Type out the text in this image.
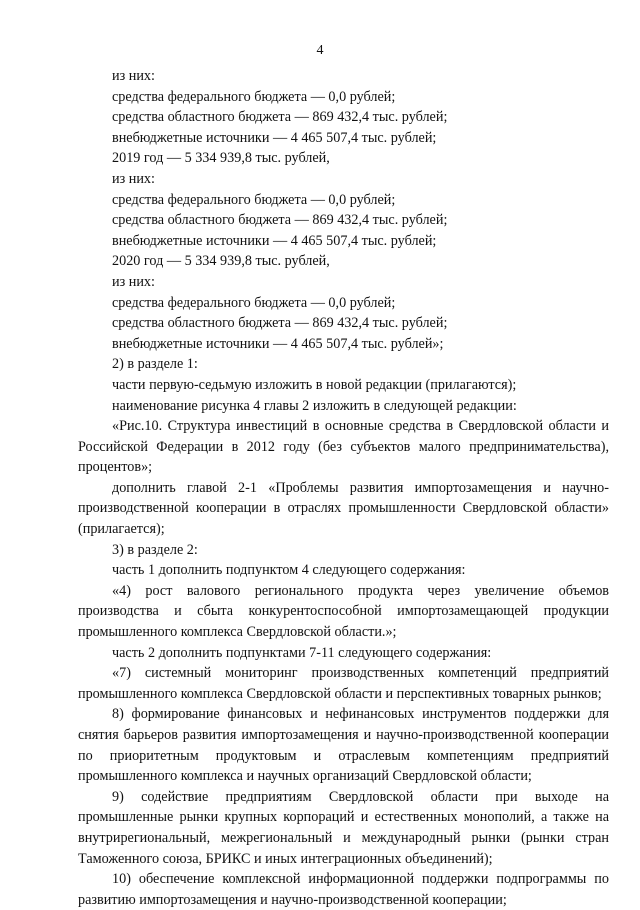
4
из них:
средства федерального бюджета — 0,0 рублей;
средства областного бюджета — 869 432,4 тыс. рублей;
внебюджетные источники — 4 465 507,4 тыс. рублей;
2019 год — 5 334 939,8 тыс. рублей,
из них:
средства федерального бюджета — 0,0 рублей;
средства областного бюджета — 869 432,4 тыс. рублей;
внебюджетные источники — 4 465 507,4 тыс. рублей;
2020 год — 5 334 939,8 тыс. рублей,
из них:
средства федерального бюджета — 0,0 рублей;
средства областного бюджета — 869 432,4 тыс. рублей;
внебюджетные источники — 4 465 507,4 тыс. рублей»;
2) в разделе 1:
части первую-седьмую изложить в новой редакции (прилагаются);
наименование рисунка 4 главы 2 изложить в следующей редакции:
«Рис.10. Структура инвестиций в основные средства в Свердловской области и Российской Федерации в 2012 году (без субъектов малого предпринимательства), процентов»;
дополнить главой 2-1 «Проблемы развития импортозамещения и научно-производственной кооперации в отраслях промышленности Свердловской области» (прилагается);
3) в разделе 2:
часть 1 дополнить подпунктом 4 следующего содержания:
«4) рост валового регионального продукта через увеличение объемов производства и сбыта конкурентоспособной импортозамещающей продукции промышленного комплекса Свердловской области.»;
часть 2 дополнить подпунктами 7-11 следующего содержания:
«7) системный мониторинг производственных компетенций предприятий промышленного комплекса Свердловской области и перспективных товарных рынков;
8) формирование финансовых и нефинансовых инструментов поддержки для снятия барьеров развития импортозамещения и научно-производственной кооперации по приоритетным продуктовым и отраслевым компетенциям предприятий промышленного комплекса и научных организаций Свердловской области;
9) содействие предприятиям Свердловской области при выходе на промышленные рынки крупных корпораций и естественных монополий, а также на внутрирегиональный, межрегиональный и международный рынки (рынки стран Таможенного союза, БРИКС и иных интеграционных объединений);
10) обеспечение комплексной информационной поддержки подпрограммы по развитию импортозамещения и научно-производственной кооперации;
